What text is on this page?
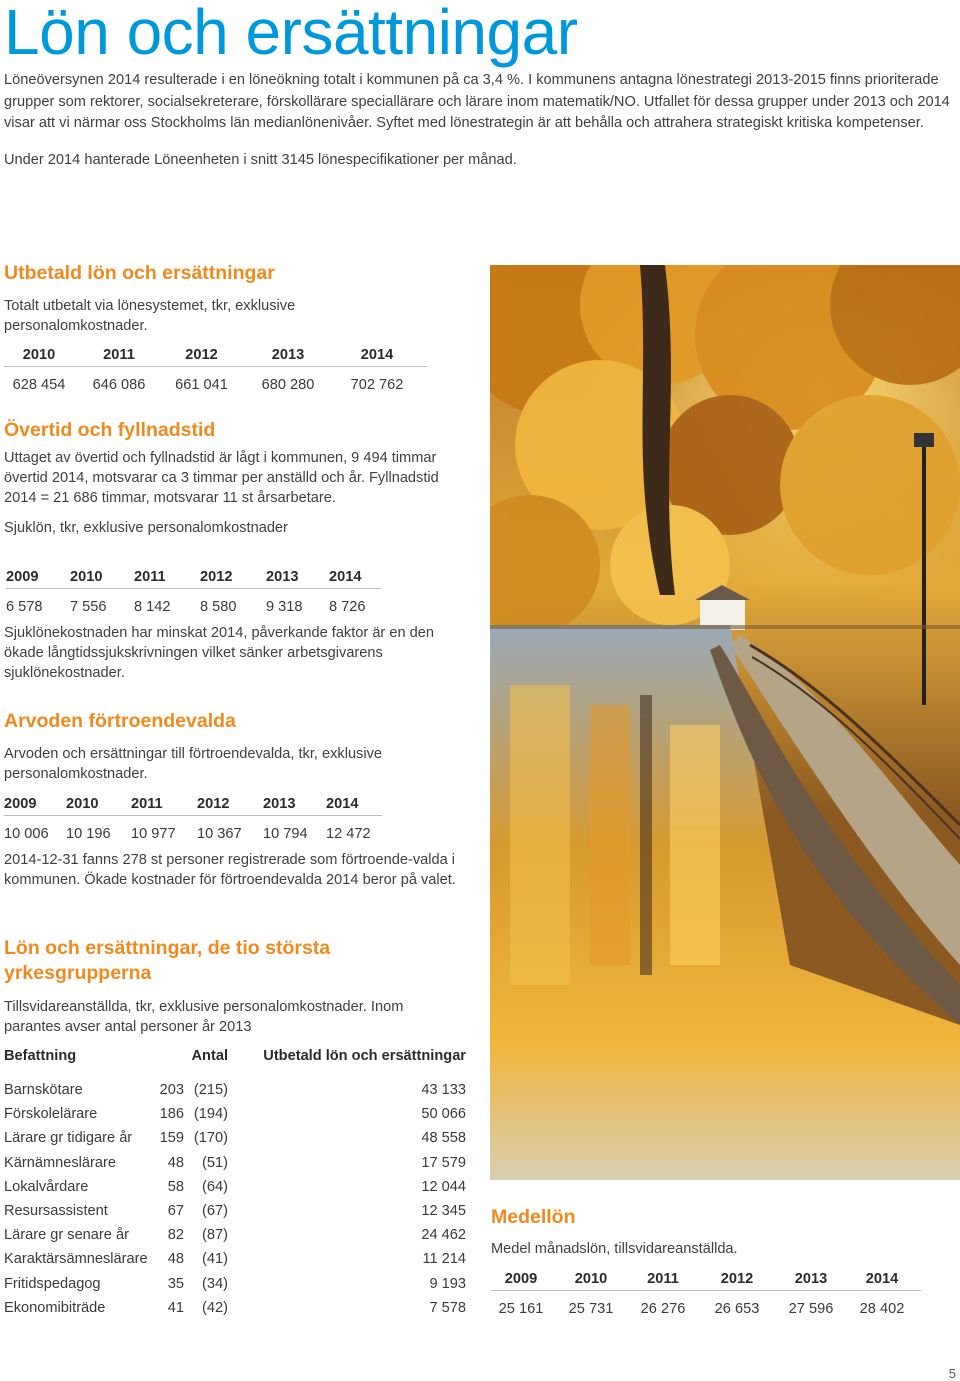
Lön och ersättningar

Löneöversynen 2014 resulterade i en löneökning totalt i kommunen på ca 3,4 %. I kommunens antagna lönestrategi 2013-2015 finns prioriterade grupper som rektorer, socialsekreterare, förskollärare speciallärare och lärare inom matematik/NO. Utfallet för dessa grupper under 2013 och 2014 visar att vi närmar oss Stockholms län medianlönenivåer. Syftet med lönestrategin är att behålla och attrahera strategiskt kritiska kompetenser.

Under 2014 hanterade Löneenheten i snitt 3145 lönespecifikationer per månad.

Utbetald lön och ersättningar
Totalt utbetalt via lönesystemet, tkr, exklusive personalomkostnader.
2010	2011	2012	2013	2014
628 454	646 086	661 041	680 280	702 762
Övertid och fyllnadstid
Uttaget av övertid och fyllnadstid är lågt i kommunen, 9 494 timmar övertid 2014, motsvarar ca 3 timmar per anställd och år. Fyllnadstid 2014 = 21 686 timmar, motsvarar 11 st årsarbetare.
Sjuklön, tkr, exklusive personalomkostnader
2009	2010	2011	2012	2013	2014
6 578	7 556	8 142	8 580	9 318	8 726
Sjuklönekostnaden har minskat 2014, påverkande faktor är en den ökade långtidssjukskrivningen vilket sänker arbetsgivarens sjuklönekostnader.
Arvoden förtroendevalda
Arvoden och ersättningar till förtroendevalda, tkr, exklusive personalomkostnader.
2009	2010	2011	2012	2013	2014
10 006	10 196	10 977	10 367	10 794	12 472
2014-12-31 fanns 278 st personer registrerade som förtroende-valda i kommunen. Ökade kostnader för förtroendevalda 2014 beror på valet.
Lön och ersättningar, de tio största yrkesgrupperna
Tillsvidareanställda, tkr, exklusive personalomkostnader. Inom parantes avser antal personer år 2013
Befattning		Antal	Utbetald lön och ersättningar
Barnskötare	203	(215)	43 133
Förskolelärare	186	(194)	50 066
Lärare gr tidigare år	159	(170)	48 558
Kärnämneslärare	48	(51)	17 579
Lokalvårdare	58	(64)	12 044
Resursassistent	67	(67)	12 345
Lärare gr senare år	82	(87)	24 462
Karaktärsämneslärare	48	(41)	11 214
Fritidspedagog	35	(34)	9 193
Ekonomibiträde	41	(42)	7 578
Medellön
Medel månadslön, tillsvidareanställda.
2009	2010	2011	2012	2013	2014
25 161	25 731	26 276	26 653	27 596	28 402
5
